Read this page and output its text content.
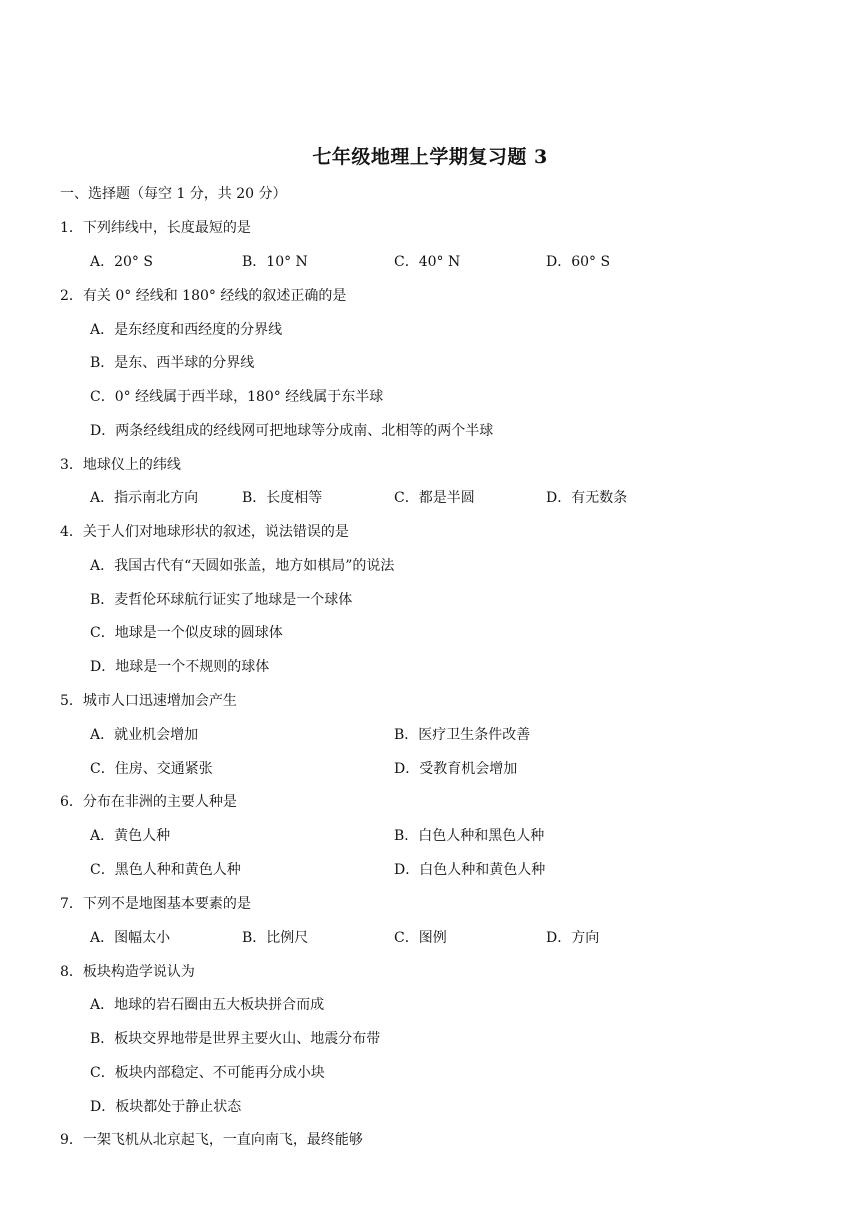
七年级地理上学期复习题 3
一、选择题（每空 1 分，共 20 分）
1．下列纬线中，长度最短的是
A．20° S	B．10° N	C．40° N	D．60° S
2．有关 0° 经线和 180° 经线的叙述正确的是
A．是东经度和西经度的分界线
B．是东、西半球的分界线
C．0° 经线属于西半球，180° 经线属于东半球
D．两条经线组成的经线网可把地球等分成南、北相等的两个半球
3．地球仪上的纬线
A．指示南北方向	B．长度相等	C．都是半圆	D．有无数条
4．关于人们对地球形状的叙述，说法错误的是
A．我国古代有“天圆如张盖，地方如棋局”的说法
B．麦哲伦环球航行证实了地球是一个球体
C．地球是一个似皮球的圆球体
D．地球是一个不规则的球体
5．城市人口迅速增加会产生
A．就业机会增加	B．医疗卫生条件改善
C．住房、交通紧张	D．受教育机会增加
6．分布在非洲的主要人种是
A．黄色人种	B．白色人种和黑色人种
C．黑色人种和黄色人种	D．白色人种和黄色人种
7．下列不是地图基本要素的是
A．图幅太小	B．比例尺	C．图例	D．方向
8．板块构造学说认为
A．地球的岩石圈由五大板块拼合而成
B．板块交界地带是世界主要火山、地震分布带
C．板块内部稳定、不可能再分成小块
D．板块都处于静止状态
9．一架飞机从北京起飞，一直向南飞，最终能够
